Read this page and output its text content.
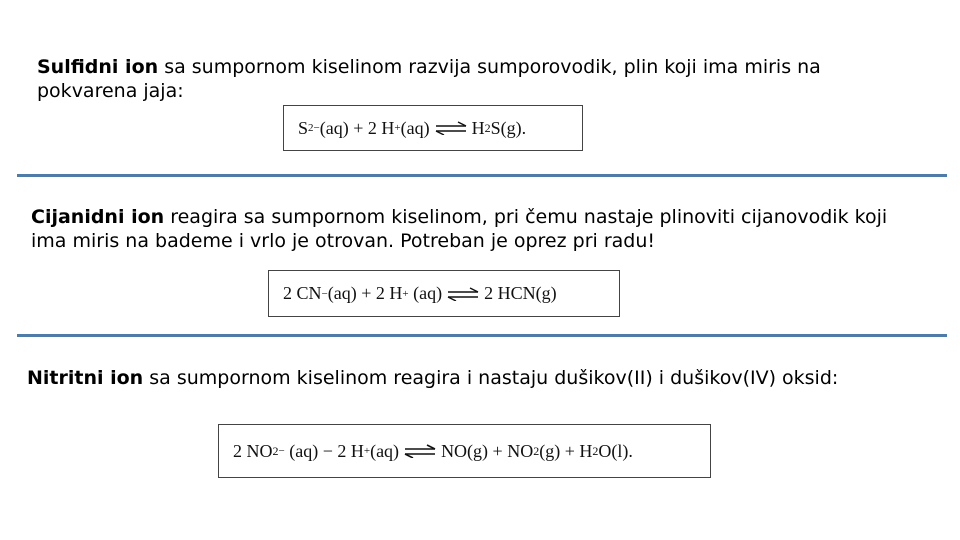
Sulfidni ion sa sumpornom kiselinom razvija sumporovodik, plin koji ima miris na pokvarena jaja:

S 2− (aq)
+
2 H + (aq) ⇌ H 2 S(g).

Cijanidni ion reagira sa sumpornom kiselinom, pri čemu nastaje plinoviti cijanovodik koji ima miris na bademe i vrlo je otrovan. Potreban je oprez pri radu!

2 CN − (aq)
+
2 H +
(aq) ⇌ 2 HCN(g)

Nitritni ion sa sumpornom kiselinom reagira i nastaju dušikov(II) i dušikov(IV) oksid:

2 NO 2 −
(aq)
−
2 H + (aq) ⇌ NO(g) + NO 2 (g) + H 2 O(l).
